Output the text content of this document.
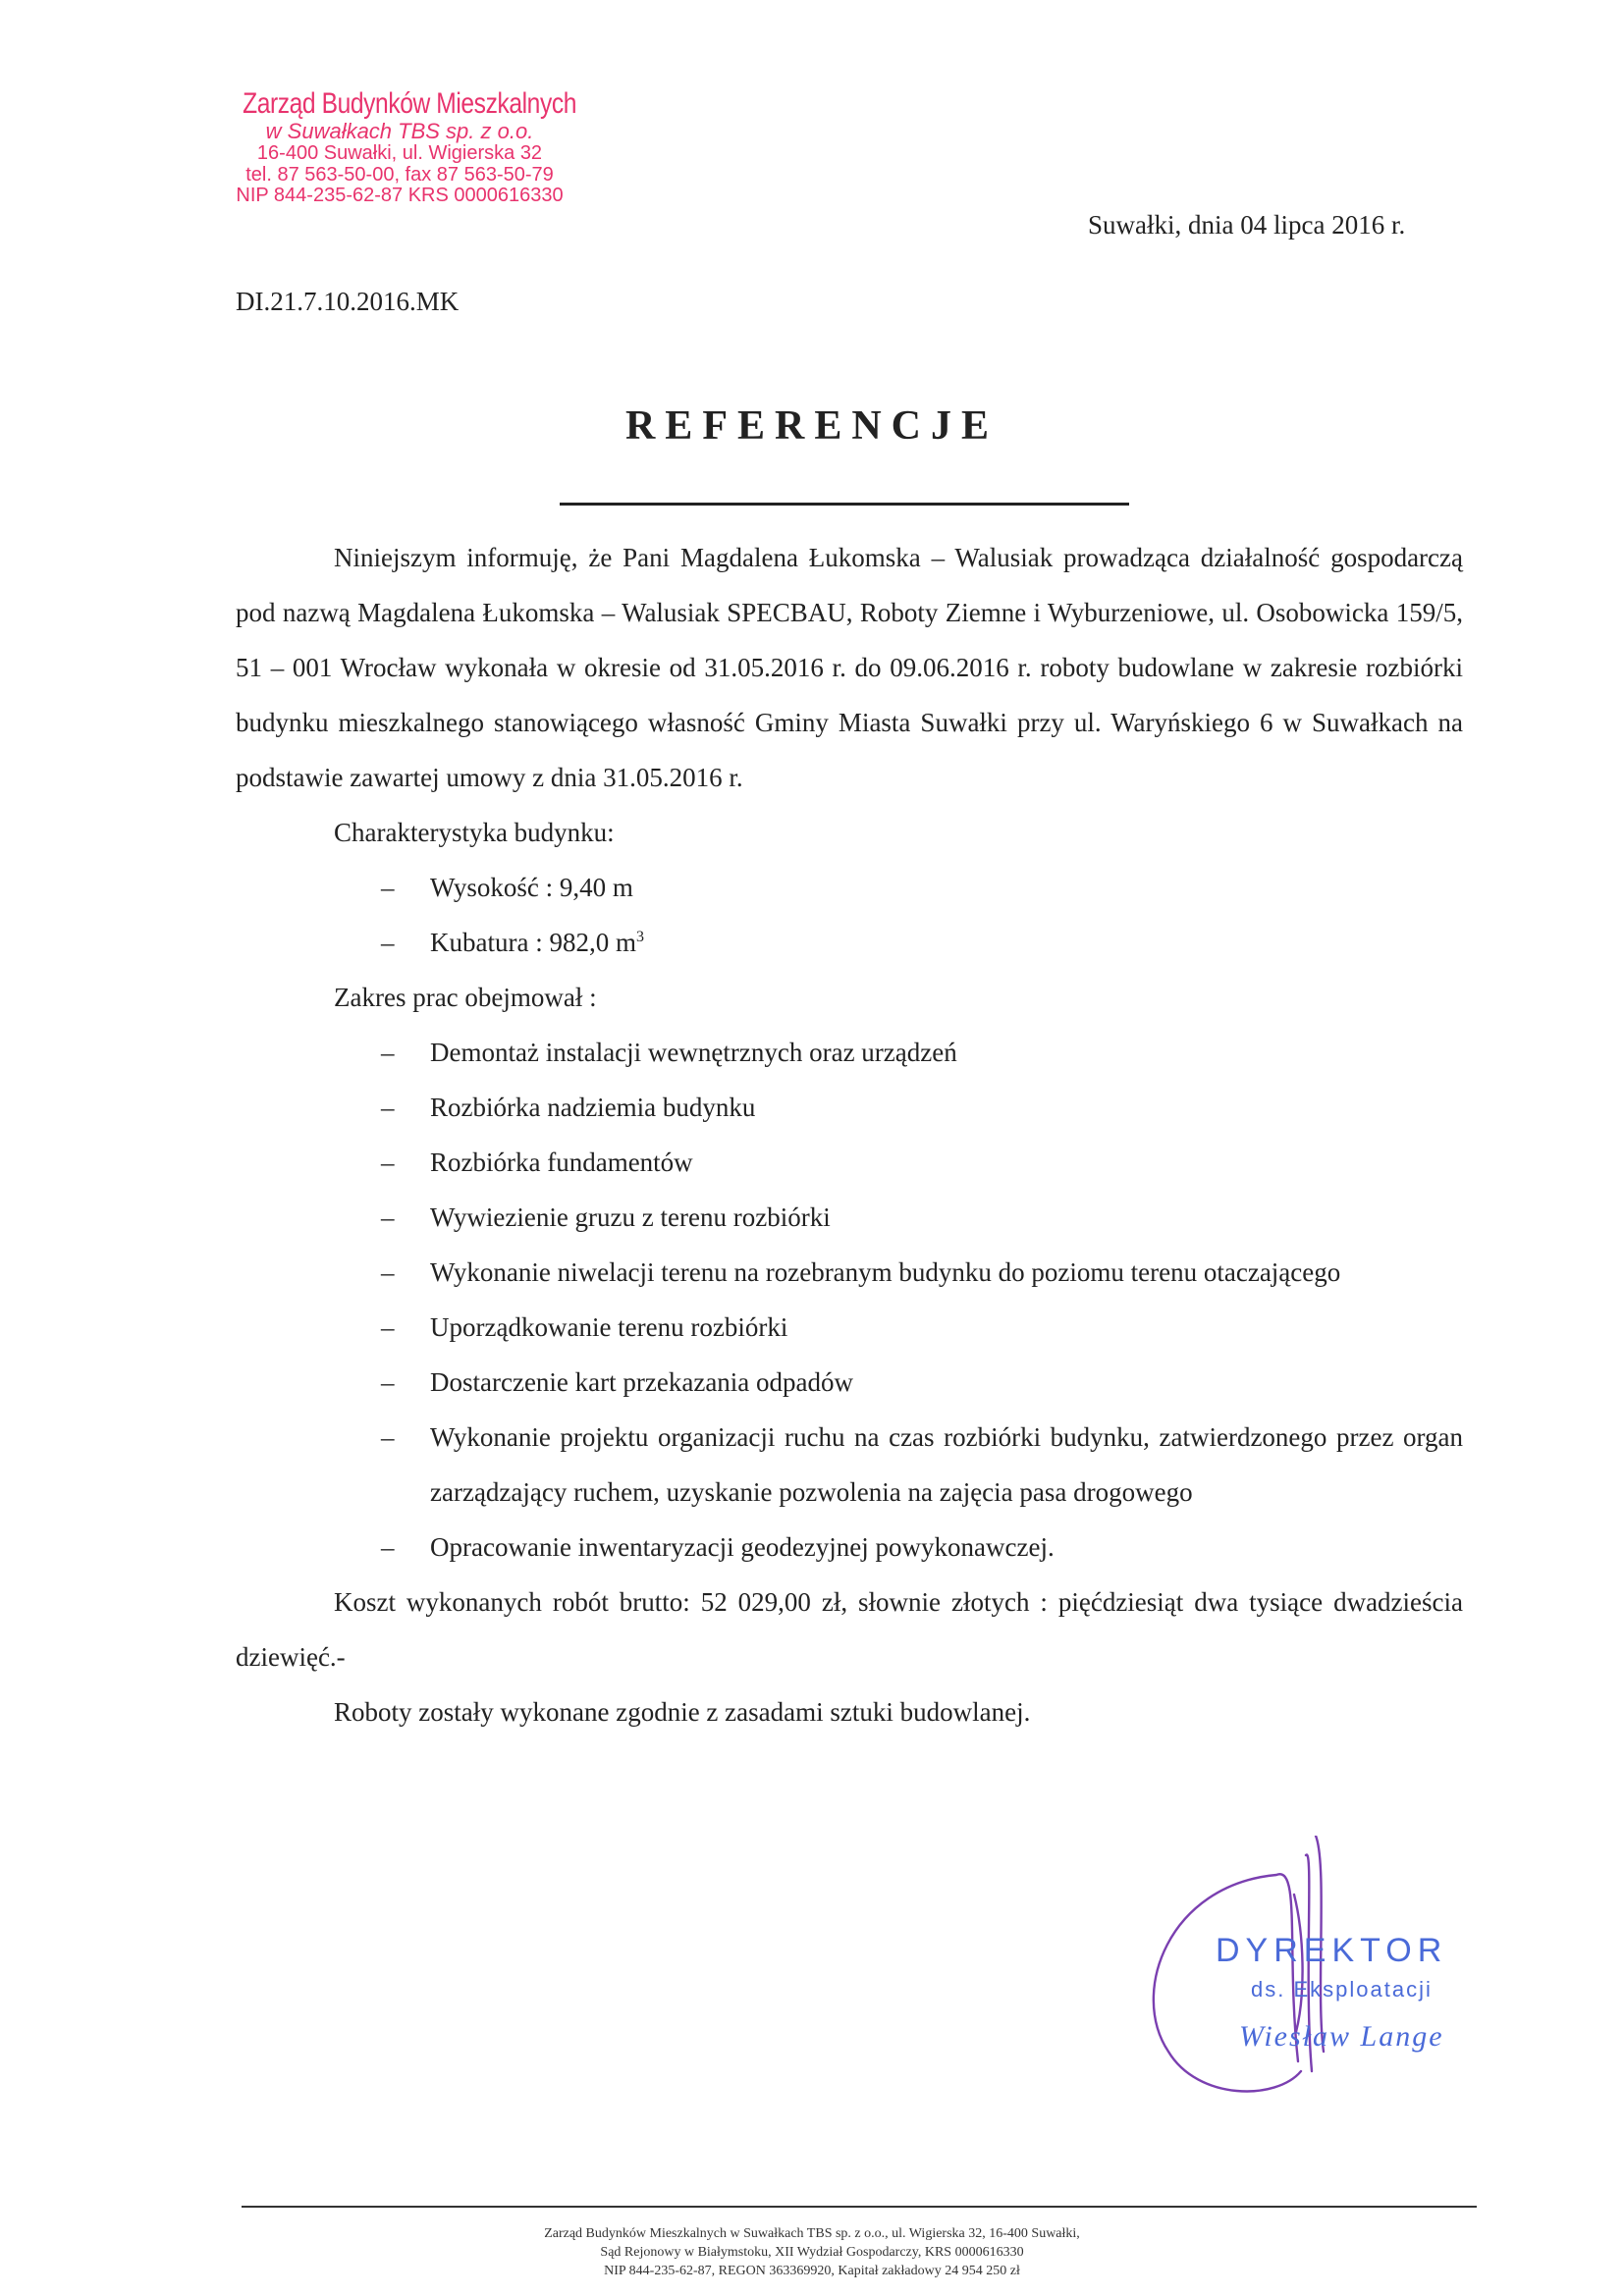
Zarząd Budynków Mieszkalnych
w Suwałkach TBS sp. z o.o.
16-400 Suwałki, ul. Wigierska 32
tel. 87 563-50-00, fax 87 563-50-79
NIP 844-235-62-87 KRS 0000616330
Suwałki, dnia 04 lipca 2016 r.
DI.21.7.10.2016.MK
REFERENCJE

Niniejszym informuję, że Pani Magdalena Łukomska – Walusiak prowadząca działalność gospodarczą pod nazwą Magdalena Łukomska – Walusiak SPECBAU, Roboty Ziemne i Wyburzeniowe, ul. Osobowicka 159/5, 51 – 001 Wrocław wykonała w okresie od 31.05.2016 r. do 09.06.2016 r. roboty budowlane w zakresie rozbiórki budynku mieszkalnego stanowiącego własność Gminy Miasta Suwałki przy ul. Waryńskiego 6 w Suwałkach na podstawie zawartej umowy z dnia 31.05.2016 r.

Charakterystyka budynku:

– Wysokość : 9,40 m
– Kubatura : 982,0 $m^3$

Zakres prac obejmował :

– Demontaż instalacji wewnętrznych oraz urządzeń
– Rozbiórka nadziemia budynku
– Rozbiórka fundamentów
– Wywiezienie gruzu z terenu rozbiórki
– Wykonanie niwelacji terenu na rozebranym budynku do poziomu terenu otaczającego
– Uporządkowanie terenu rozbiórki
– Dostarczenie kart przekazania odpadów
– Wykonanie projektu organizacji ruchu na czas rozbiórki budynku, zatwierdzonego przez organ zarządzający ruchem, uzyskanie pozwolenia na zajęcia pasa drogowego
– Opracowanie inwentaryzacji geodezyjnej powykonawczej.

Koszt wykonanych robót brutto: 52 029,00 zł, słownie złotych : pięćdziesiąt dwa tysiące dwadzieścia dziewięć.-

Roboty zostały wykonane zgodnie z zasadami sztuki budowlanej.

DYREKTOR
ds. Eksploatacji
Wiesław Lange
Zarząd Budynków Mieszkalnych w Suwałkach TBS sp. z o.o., ul. Wigierska 32, 16-400 Suwałki,
Sąd Rejonowy w Białymstoku, XII Wydział Gospodarczy, KRS 0000616330
NIP 844-235-62-87, REGON 363369920, Kapitał zakładowy 24 954 250 zł
